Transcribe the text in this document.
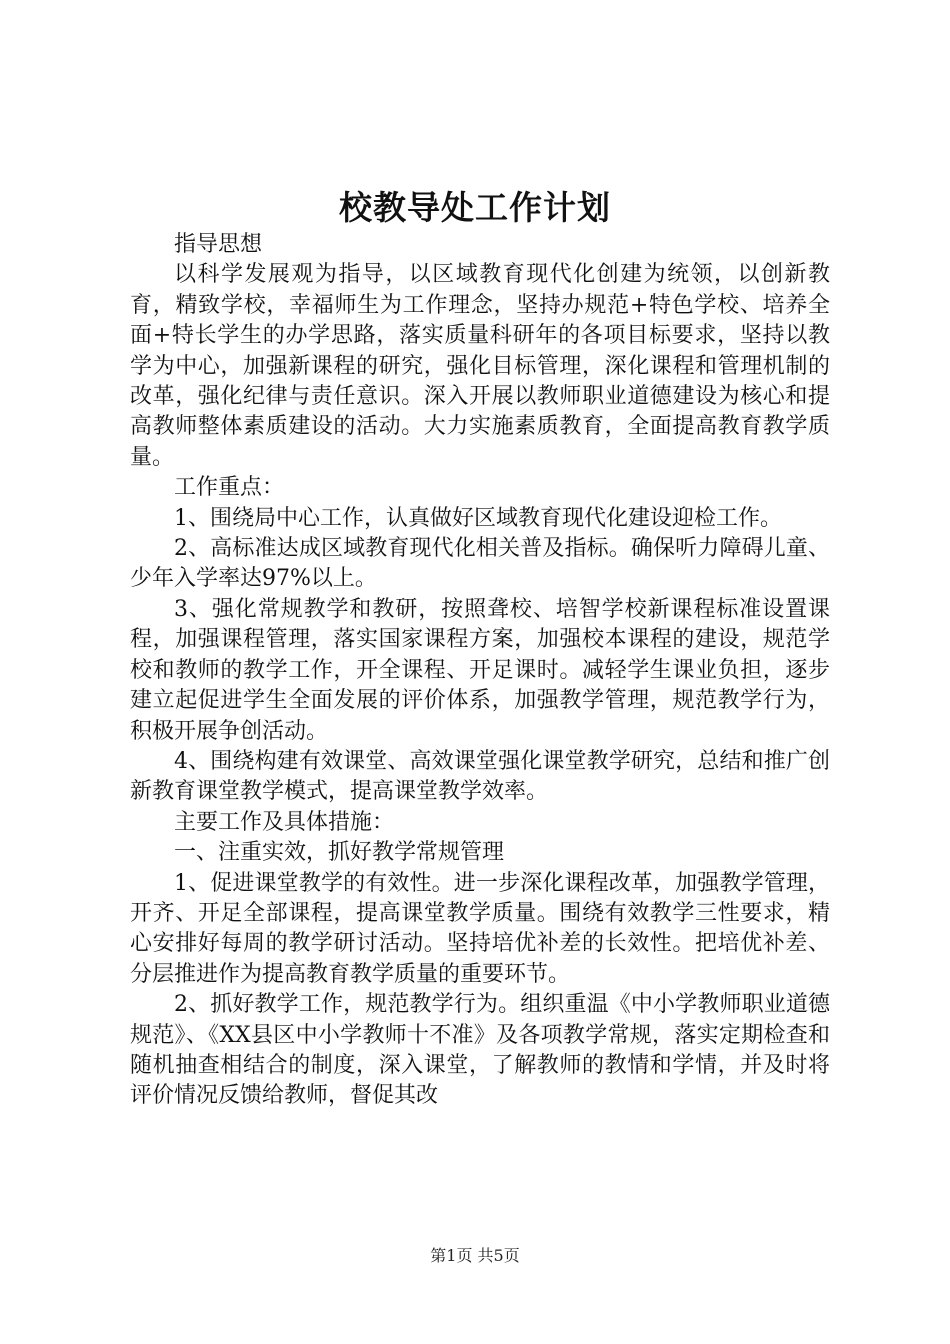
校教导处工作计划

指导思想

以科学发展观为指导，以区域教育现代化创建为统领，以创新教育，精致学校，幸福师生为工作理念，坚持办规范+特色学校、培养全面+特长学生的办学思路，落实质量科研年的各项目标要求，坚持以教学为中心，加强新课程的研究，强化目标管理，深化课程和管理机制的改革，强化纪律与责任意识。深入开展以教师职业道德建设为核心和提高教师整体素质建设的活动。大力实施素质教育，全面提高教育教学质量。

工作重点：

1、围绕局中心工作，认真做好区域教育现代化建设迎检工作。

2、高标准达成区域教育现代化相关普及指标。确保听力障碍儿童、少年入学率达97%以上。

3、强化常规教学和教研，按照聋校、培智学校新课程标准设置课程，加强课程管理，落实国家课程方案，加强校本课程的建设，规范学校和教师的教学工作，开全课程、开足课时。减轻学生课业负担，逐步建立起促进学生全面发展的评价体系，加强教学管理，规范教学行为，积极开展争创活动。

4、围绕构建有效课堂、高效课堂强化课堂教学研究，总结和推广创新教育课堂教学模式，提高课堂教学效率。

主要工作及具体措施：

一、注重实效，抓好教学常规管理

1、促进课堂教学的有效性。进一步深化课程改革，加强教学管理，开齐、开足全部课程，提高课堂教学质量。围绕有效教学三性要求，精心安排好每周的教学研讨活动。坚持培优补差的长效性。把培优补差、分层推进作为提高教育教学质量的重要环节。

2、抓好教学工作，规范教学行为。组织重温《中小学教师职业道德规范》、《XX县区中小学教师十不准》及各项教学常规，落实定期检查和随机抽查相结合的制度，深入课堂，了解教师的教情和学情，并及时将评价情况反馈给教师，督促其改

第1页 共5页
